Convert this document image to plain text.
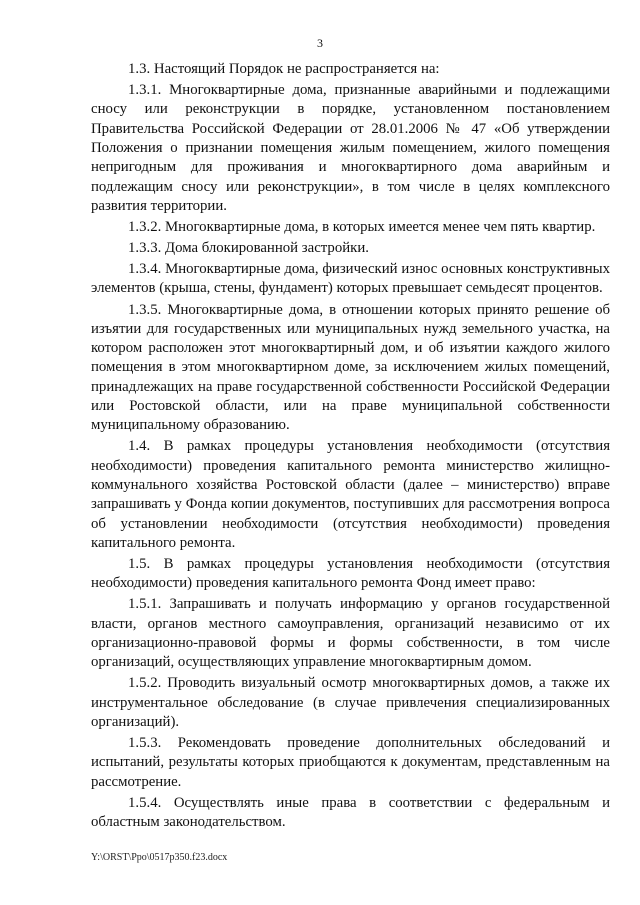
3

1.3. Настоящий Порядок не распространяется на:

1.3.1. Многоквартирные дома, признанные аварийными и подлежащими сносу или реконструкции в порядке, установленном постановлением Правительства Российской Федерации от 28.01.2006 № 47 «Об утверждении Положения о признании помещения жилым помещением, жилого помещения непригодным для проживания и многоквартирного дома аварийным и подлежащим сносу или реконструкции», в том числе в целях комплексного развития территории.

1.3.2. Многоквартирные дома, в которых имеется менее чем пять квартир.

1.3.3. Дома блокированной застройки.

1.3.4. Многоквартирные дома, физический износ основных конструктивных элементов (крыша, стены, фундамент) которых превышает семьдесят процентов.

1.3.5. Многоквартирные дома, в отношении которых принято решение об изъятии для государственных или муниципальных нужд земельного участка, на котором расположен этот многоквартирный дом, и об изъятии каждого жилого помещения в этом многоквартирном доме, за исключением жилых помещений, принадлежащих на праве государственной собственности Российской Федерации или Ростовской области, или на праве муниципальной собственности муниципальному образованию.

1.4. В рамках процедуры установления необходимости (отсутствия необходимости) проведения капитального ремонта министерство жилищно-коммунального хозяйства Ростовской области (далее – министерство) вправе запрашивать у Фонда копии документов, поступивших для рассмотрения вопроса об установлении необходимости (отсутствия необходимости) проведения капитального ремонта.

1.5. В рамках процедуры установления необходимости (отсутствия необходимости) проведения капитального ремонта Фонд имеет право:

1.5.1. Запрашивать и получать информацию у органов государственной власти, органов местного самоуправления, организаций независимо от их организационно-правовой формы и формы собственности, в том числе организаций, осуществляющих управление многоквартирным домом.

1.5.2. Проводить визуальный осмотр многоквартирных домов, а также их инструментальное обследование (в случае привлечения специализированных организаций).

1.5.3. Рекомендовать проведение дополнительных обследований и испытаний, результаты которых приобщаются к документам, представленным на рассмотрение.

1.5.4. Осуществлять иные права в соответствии с федеральным и областным законодательством.

Y:\ORST\Ppo\0517p350.f23.docx
